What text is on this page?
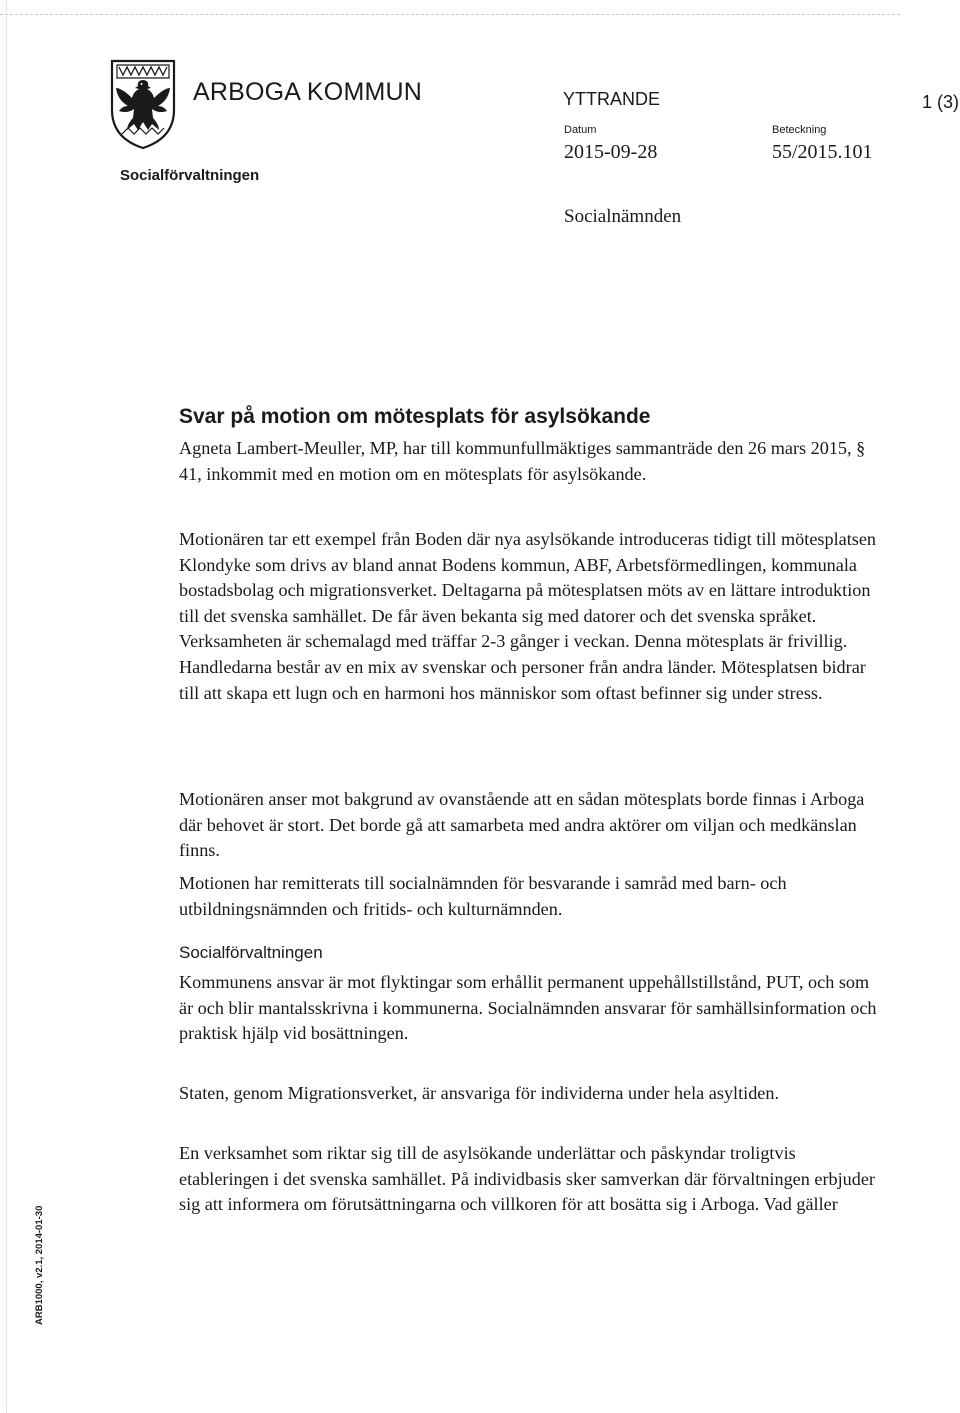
ARBOGA KOMMUN
Socialförvaltningen
YTTRANDE	1 (3)
Datum
2015-09-28
Beteckning
55/2015.101
Socialnämnden
Svar på motion om mötesplats för asylsökande

Agneta Lambert-Meuller, MP, har till kommunfullmäktiges sammanträde den 26 mars 2015, § 41, inkommit med en motion om en mötesplats för asylsökande.

Motionären tar ett exempel från Boden där nya asylsökande introduceras tidigt till mötesplatsen Klondyke som drivs av bland annat Bodens kommun, ABF, Arbetsförmedlingen, kommunala bostadsbolag och migrationsverket. Deltagarna på mötesplatsen möts av en lättare introduktion till det svenska samhället. De får även bekanta sig med datorer och det svenska språket. Verksamheten är schemalagd med träffar 2-3 gånger i veckan. Denna mötesplats är frivillig. Handledarna består av en mix av svenskar och personer från andra länder. Mötesplatsen bidrar till att skapa ett lugn och en harmoni hos människor som oftast befinner sig under stress.

Motionären anser mot bakgrund av ovanstående att en sådan mötesplats borde finnas i Arboga där behovet är stort. Det borde gå att samarbeta med andra aktörer om viljan och medkänslan finns.

Motionen har remitterats till socialnämnden för besvarande i samråd med barn- och utbildningsnämnden och fritids- och kulturnämnden.

Socialförvaltningen

Kommunens ansvar är mot flyktingar som erhållit permanent uppehållstillstånd, PUT, och som är och blir mantalsskrivna i kommunerna. Socialnämnden ansvarar för samhällsinformation och praktisk hjälp vid bosättningen.

Staten, genom Migrationsverket, är ansvariga för individerna under hela asyltiden.

En verksamhet som riktar sig till de asylsökande underlättar och påskyndar troligtvis etableringen i det svenska samhället. På individbasis sker samverkan där förvaltningen erbjuder sig att informera om förutsättningarna och villkoren för att bosätta sig i Arboga. Vad gäller

ARB1000, v2.1, 2014-01-30
